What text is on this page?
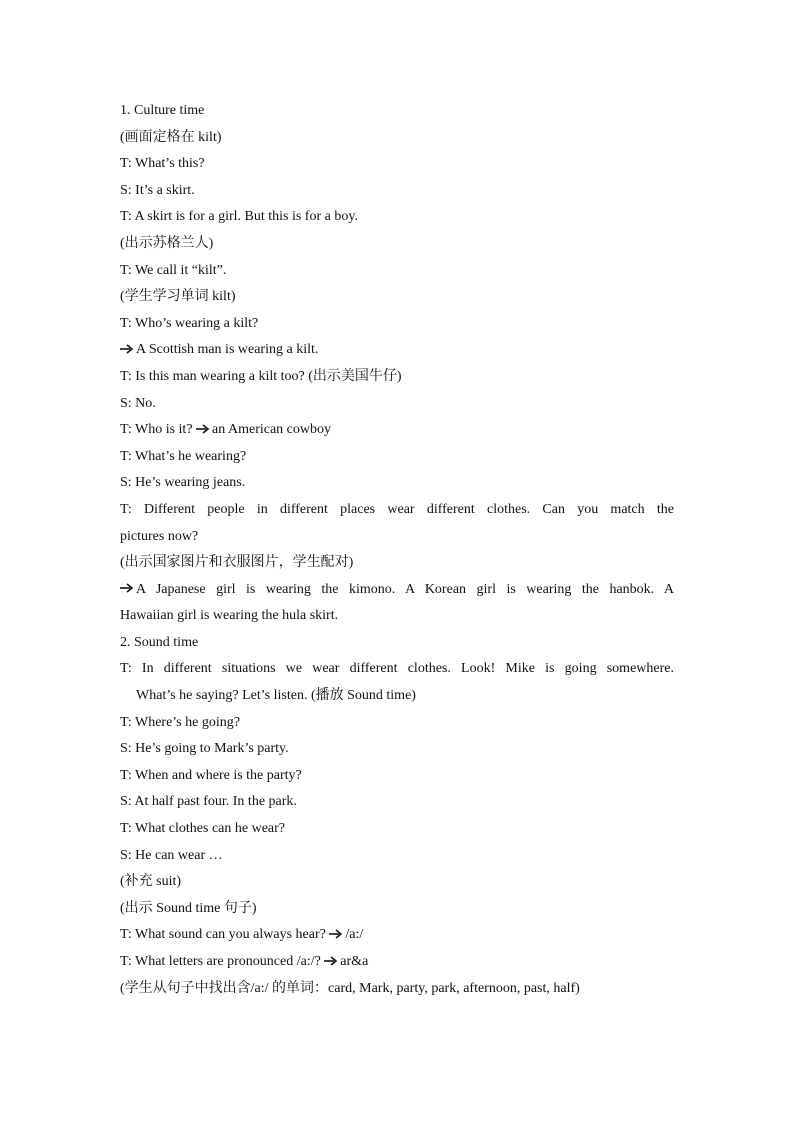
1. Culture time
(画面定格在 kilt)
T: What’s this?
S: It’s a skirt.
T: A skirt is for a girl. But this is for a boy.
(出示苏格兰人)
T: We call it “kilt”.
(学生学习单词 kilt)
T: Who’s wearing a kilt?
A Scottish man is wearing a kilt.
T: Is this man wearing a kilt too? (出示美国牛仔)
S: No.
T: Who is it? an American cowboy
T: What’s he wearing?
S: He’s wearing jeans.
T: Different people in different places wear different clothes. Can you match the
pictures now?
(出示国家图片和衣服图片，学生配对)
A Japanese girl is wearing the kimono. A Korean girl is wearing the hanbok. A
Hawaiian girl is wearing the hula skirt.
2. Sound time
T: In different situations we wear different clothes. Look! Mike is going somewhere.
What’s he saying? Let’s listen. (播放 Sound time)
T: Where’s he going?
S: He’s going to Mark’s party.
T: When and where is the party?
S: At half past four. In the park.
T: What clothes can he wear?
S: He can wear …
(补充 suit)
(出示 Sound time 句子)
T: What sound can you always hear? /a:/
T: What letters are pronounced /a:/? ar&a
(学生从句子中找出含/a:/ 的单词：card, Mark, party, park, afternoon, past, half)
